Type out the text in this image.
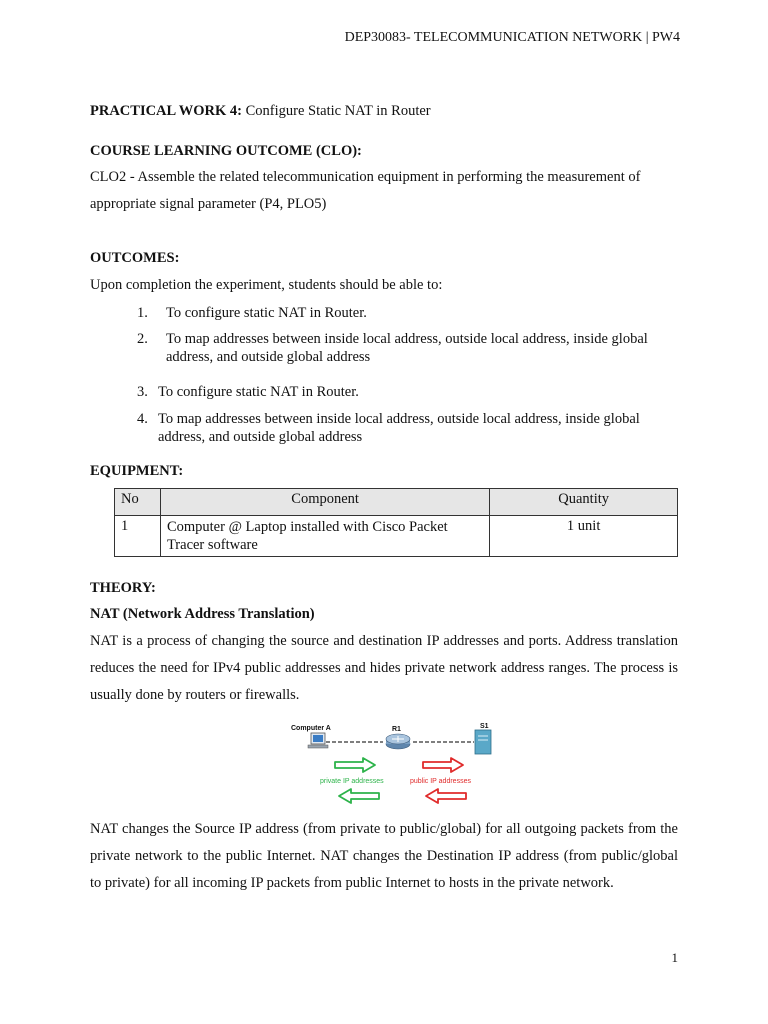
DEP30083- TELECOMMUNICATION NETWORK | PW4
PRACTICAL WORK 4: Configure Static NAT in Router
COURSE LEARNING OUTCOME (CLO):
CLO2 - Assemble the related telecommunication equipment in performing the measurement of
appropriate signal parameter (P4, PLO5)
OUTCOMES:
Upon completion the experiment, students should be able to:
1. To configure static NAT in Router.
2. To map addresses between inside local address, outside local address, inside global
address, and outside global address
3. To configure static NAT in Router.
4. To map addresses between inside local address, outside local address, inside global
address, and outside global address
EQUIPMENT:
No	Component	Quantity
1	Computer @ Laptop installed with Cisco Packet
Tracer software	1 unit
THEORY:
NAT (Network Address Translation)
NAT is a process of changing the source and destination IP addresses and ports. Address translation reduces the need for IPv4 public addresses and hides private network address ranges. The process is usually done by routers or firewalls.
Computer A	R1	S1
private IP addresses	public IP addresses
NAT changes the Source IP address (from private to public/global) for all outgoing packets from the private network to the public Internet. NAT changes the Destination IP address (from public/global to private) for all incoming IP packets from public Internet to hosts in the private network.
1
